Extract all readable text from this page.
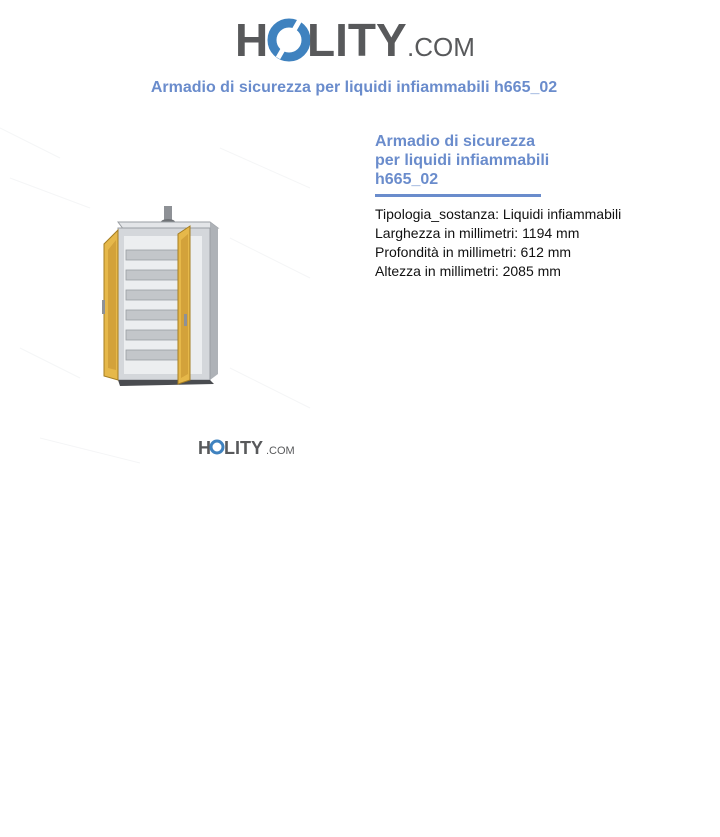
H LITY .COM
Armadio di sicurezza per liquidi infiammabili h665_02
H LITY .COM
Armadio di sicurezza
per liquidi infiammabili
h665_02
Tipologia_sostanza: Liquidi infiammabili
Larghezza in millimetri: 1194 mm
Profondità in millimetri: 612 mm
Altezza in millimetri: 2085 mm
